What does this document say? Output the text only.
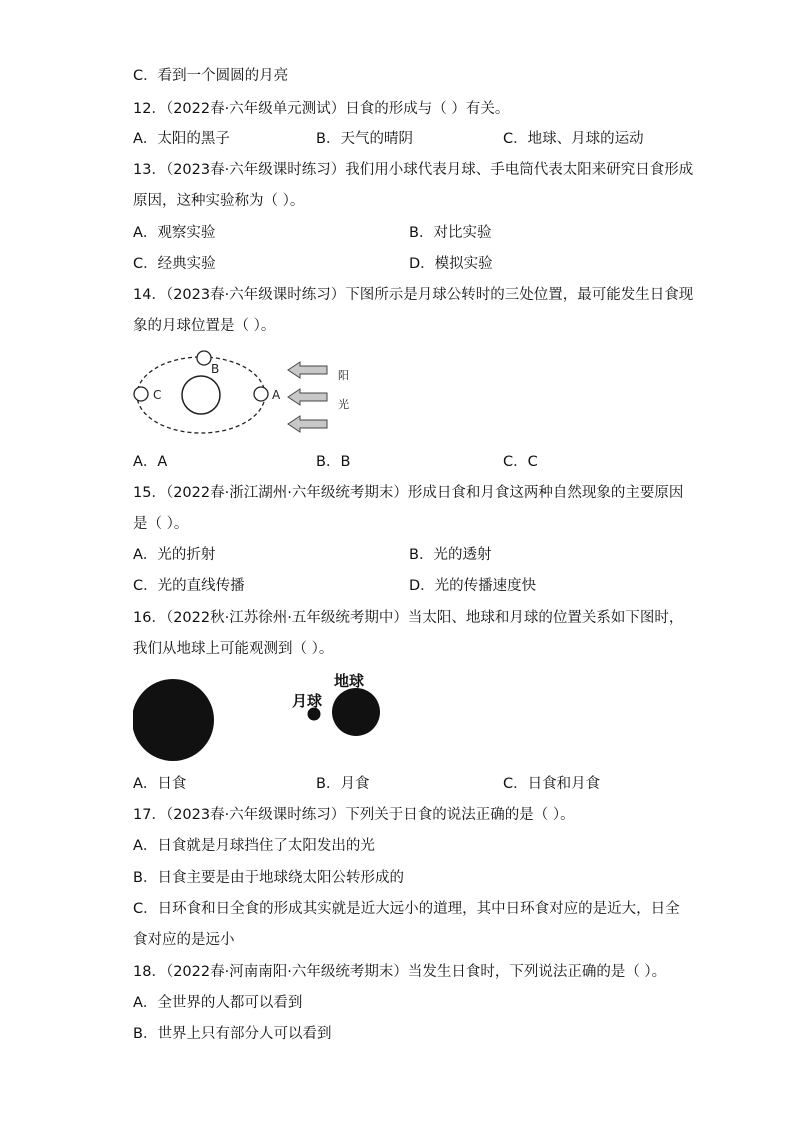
C．看到一个圆圆的月亮
12．（2022春·六年级单元测试）日食的形成与（ ）有关。
A．太阳的黑子	B．天气的晴阴	C．地球、月球的运动
13．（2023春·六年级课时练习）我们用小球代表月球、手电筒代表太阳来研究日食形成
原因，这种实验称为（ ）。
A．观察实验	B．对比实验
C．经典实验	D．模拟实验
14．（2023春·六年级课时练习）下图所示是月球公转时的三处位置，最可能发生日食现
象的月球位置是（ ）。
B
C	A
阳
光
A．A	B．B	C．C
15．（2022春·浙江湖州·六年级统考期末）形成日食和月食这两种自然现象的主要原因
是（ ）。
A．光的折射	B．光的透射
C．光的直线传播	D．光的传播速度快
16．（2022秋·江苏徐州·五年级统考期中）当太阳、地球和月球的位置关系如下图时，
我们从地球上可能观测到（ ）。
月球
地球
A．日食	B．月食	C．日食和月食
17．（2023春·六年级课时练习）下列关于日食的说法正确的是（ ）。
A．日食就是月球挡住了太阳发出的光
B．日食主要是由于地球绕太阳公转形成的
C．日环食和日全食的形成其实就是近大远小的道理，其中日环食对应的是近大，日全
食对应的是远小
18．（2022春·河南南阳·六年级统考期末）当发生日食时，下列说法正确的是（ ）。
A．全世界的人都可以看到
B．世界上只有部分人可以看到
